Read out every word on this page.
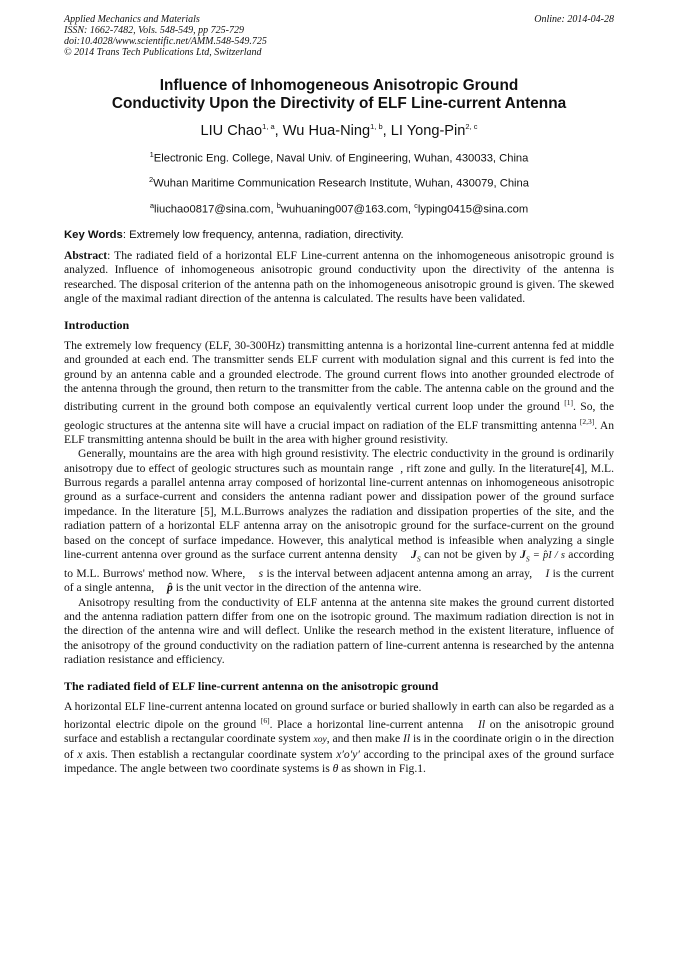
Applied Mechanics and Materials
ISSN: 1662-7482, Vols. 548-549, pp 725-729
doi:10.4028/www.scientific.net/AMM.548-549.725
© 2014 Trans Tech Publications Ltd, Switzerland
Online: 2014-04-28
Influence of Inhomogeneous Anisotropic Ground
Conductivity Upon the Directivity of ELF Line-current Antenna
LIU Chao$^{1, a}$, Wu Hua-Ning$^{1, b}$, LI Yong-Pin$^{2, c}$
$^1$Electronic Eng. College, Naval Univ. of Engineering, Wuhan, 430033, China
$^2$Wuhan Maritime Communication Research Institute, Wuhan, 430079, China
$^a$liuchao0817@sina.com, $^b$wuhuaning007@163.com, $^c$lyping0415@sina.com
Key Words: Extremely low frequency, antenna, radiation, directivity.

Abstract: The radiated field of a horizontal ELF Line-current antenna on the inhomogeneous anisotropic ground is analyzed. Influence of inhomogeneous anisotropic ground conductivity upon the directivity of the antenna is researched. The disposal criterion of the antenna path on the inhomogeneous anisotropic ground is given. The skewed angle of the maximal radiant direction of the antenna is calculated. The results have been validated.

Introduction

The extremely low frequency (ELF, 30-300Hz) transmitting antenna is a horizontal line-current antenna fed at middle and grounded at each end. The transmitter sends ELF current with modulation signal and this current is fed into the ground by an antenna cable and a grounded electrode. The ground current flows into another grounded electrode of the antenna through the ground, then return to the transmitter from the cable. The antenna cable on the ground and the distributing current in the ground both compose an equivalently vertical current loop under the ground [1]. So, the geologic structures at the antenna site will have a crucial impact on radiation of the ELF transmitting antenna [2,3]. An ELF transmitting antenna should be built in the area with higher ground resistivity.

Generally, mountains are the area with high ground resistivity. The electric conductivity in the ground is ordinarily anisotropy due to effect of geologic structures such as mountain range  , rift zone and gully. In the literature[4], M.L. Burrous regards a parallel antenna array composed of horizontal line-current antennas on inhomogeneous anisotropic ground as a surface-current and considers the antenna radiant power and dissipation power of the ground surface impedance. In the literature [5], M.L.Burrows analyzes the radiation and dissipation properties of the site, and the radiation pattern of a horizontal ELF antenna array on the anisotropic ground for the surface-current on the ground based on the concept of surface impedance. However, this analytical method is infeasible when analyzing a single line-current antenna over ground as the surface current antenna density $J_S$ can not be given by $J_S$ = p̂I / s according to M.L. Burrows' method now. Where, s is the interval between adjacent antenna among an array, I is the current of a single antenna, p̂ is the unit vector in the direction of the antenna wire.

Anisotropy resulting from the conductivity of ELF antenna at the antenna site makes the ground current distorted and the antenna radiation pattern differ from one on the isotropic ground. The maximum radiation direction is not in the direction of the antenna wire and will deflect. Unlike the research method in the existent literature, influence of the anisotropy of the ground conductivity on the radiation pattern of line-current antenna is researched by the antenna radiation resistance and efficiency.

The radiated field of ELF line-current antenna on the anisotropic ground

A horizontal ELF line-current antenna located on ground surface or buried shallowly in earth can also be regarded as a horizontal electric dipole on the ground [6]. Place a horizontal line-current antenna Il on the anisotropic ground surface and establish a rectangular coordinate system xoy, and then make Il is in the coordinate origin o in the direction of x axis. Then establish a rectangular coordinate system x′o′y′ according to the principal axes of the ground surface impedance. The angle between two coordinate systems is θ as shown in Fig.1.
